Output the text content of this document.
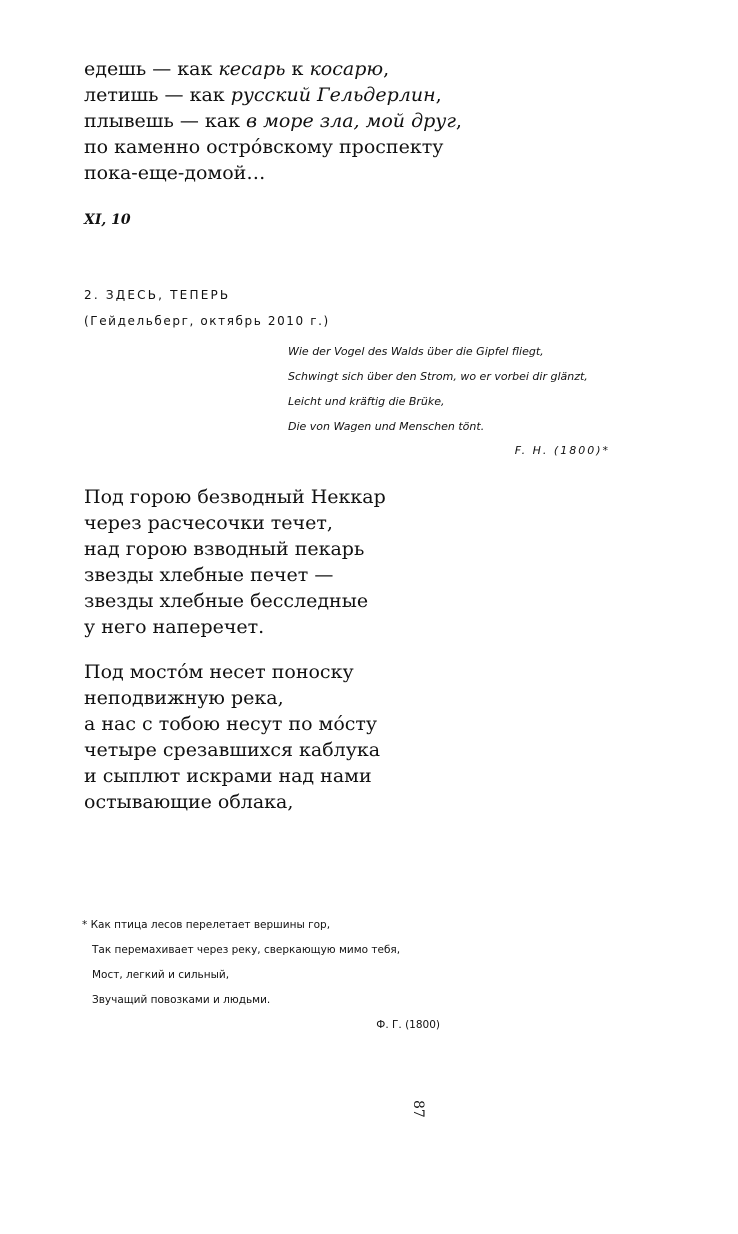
едешь — как кесарь к косарю,
летишь — как русский Гельдерлин,
плывешь — как в море зла, мой друг,
по каменно острóвскому проспекту
пока-еще-домой…
XI, 10
2. ЗДЕСЬ, ТЕПЕРЬ
(Гейдельберг, октябрь 2010 г.)
Wie der Vogel des Walds über die Gipfel fliegt,
Schwingt sich über den Strom, wo er vorbei dir glänzt,
Leicht und kräftig die Brüke,
Die von Wagen und Menschen tönt.
F. H. (1800)*
Под горою безводный Неккар
через расчесочки течет,
над горою взводный пекарь
звезды хлебные печет —
звезды хлебные бесследные
у него наперечет.
Под мостóм несет поноску
неподвижную река,
а нас с тобою несут по мóсту
четыре срезавшихся каблука
и сыплют искрами над нами
остывающие облака,
* Как птица лесов перелетает вершины гор,
Так перемахивает через реку, сверкающую мимо тебя,
Мост, легкий и сильный,
Звучащий повозками и людьми.
Ф. Г. (1800)
87
